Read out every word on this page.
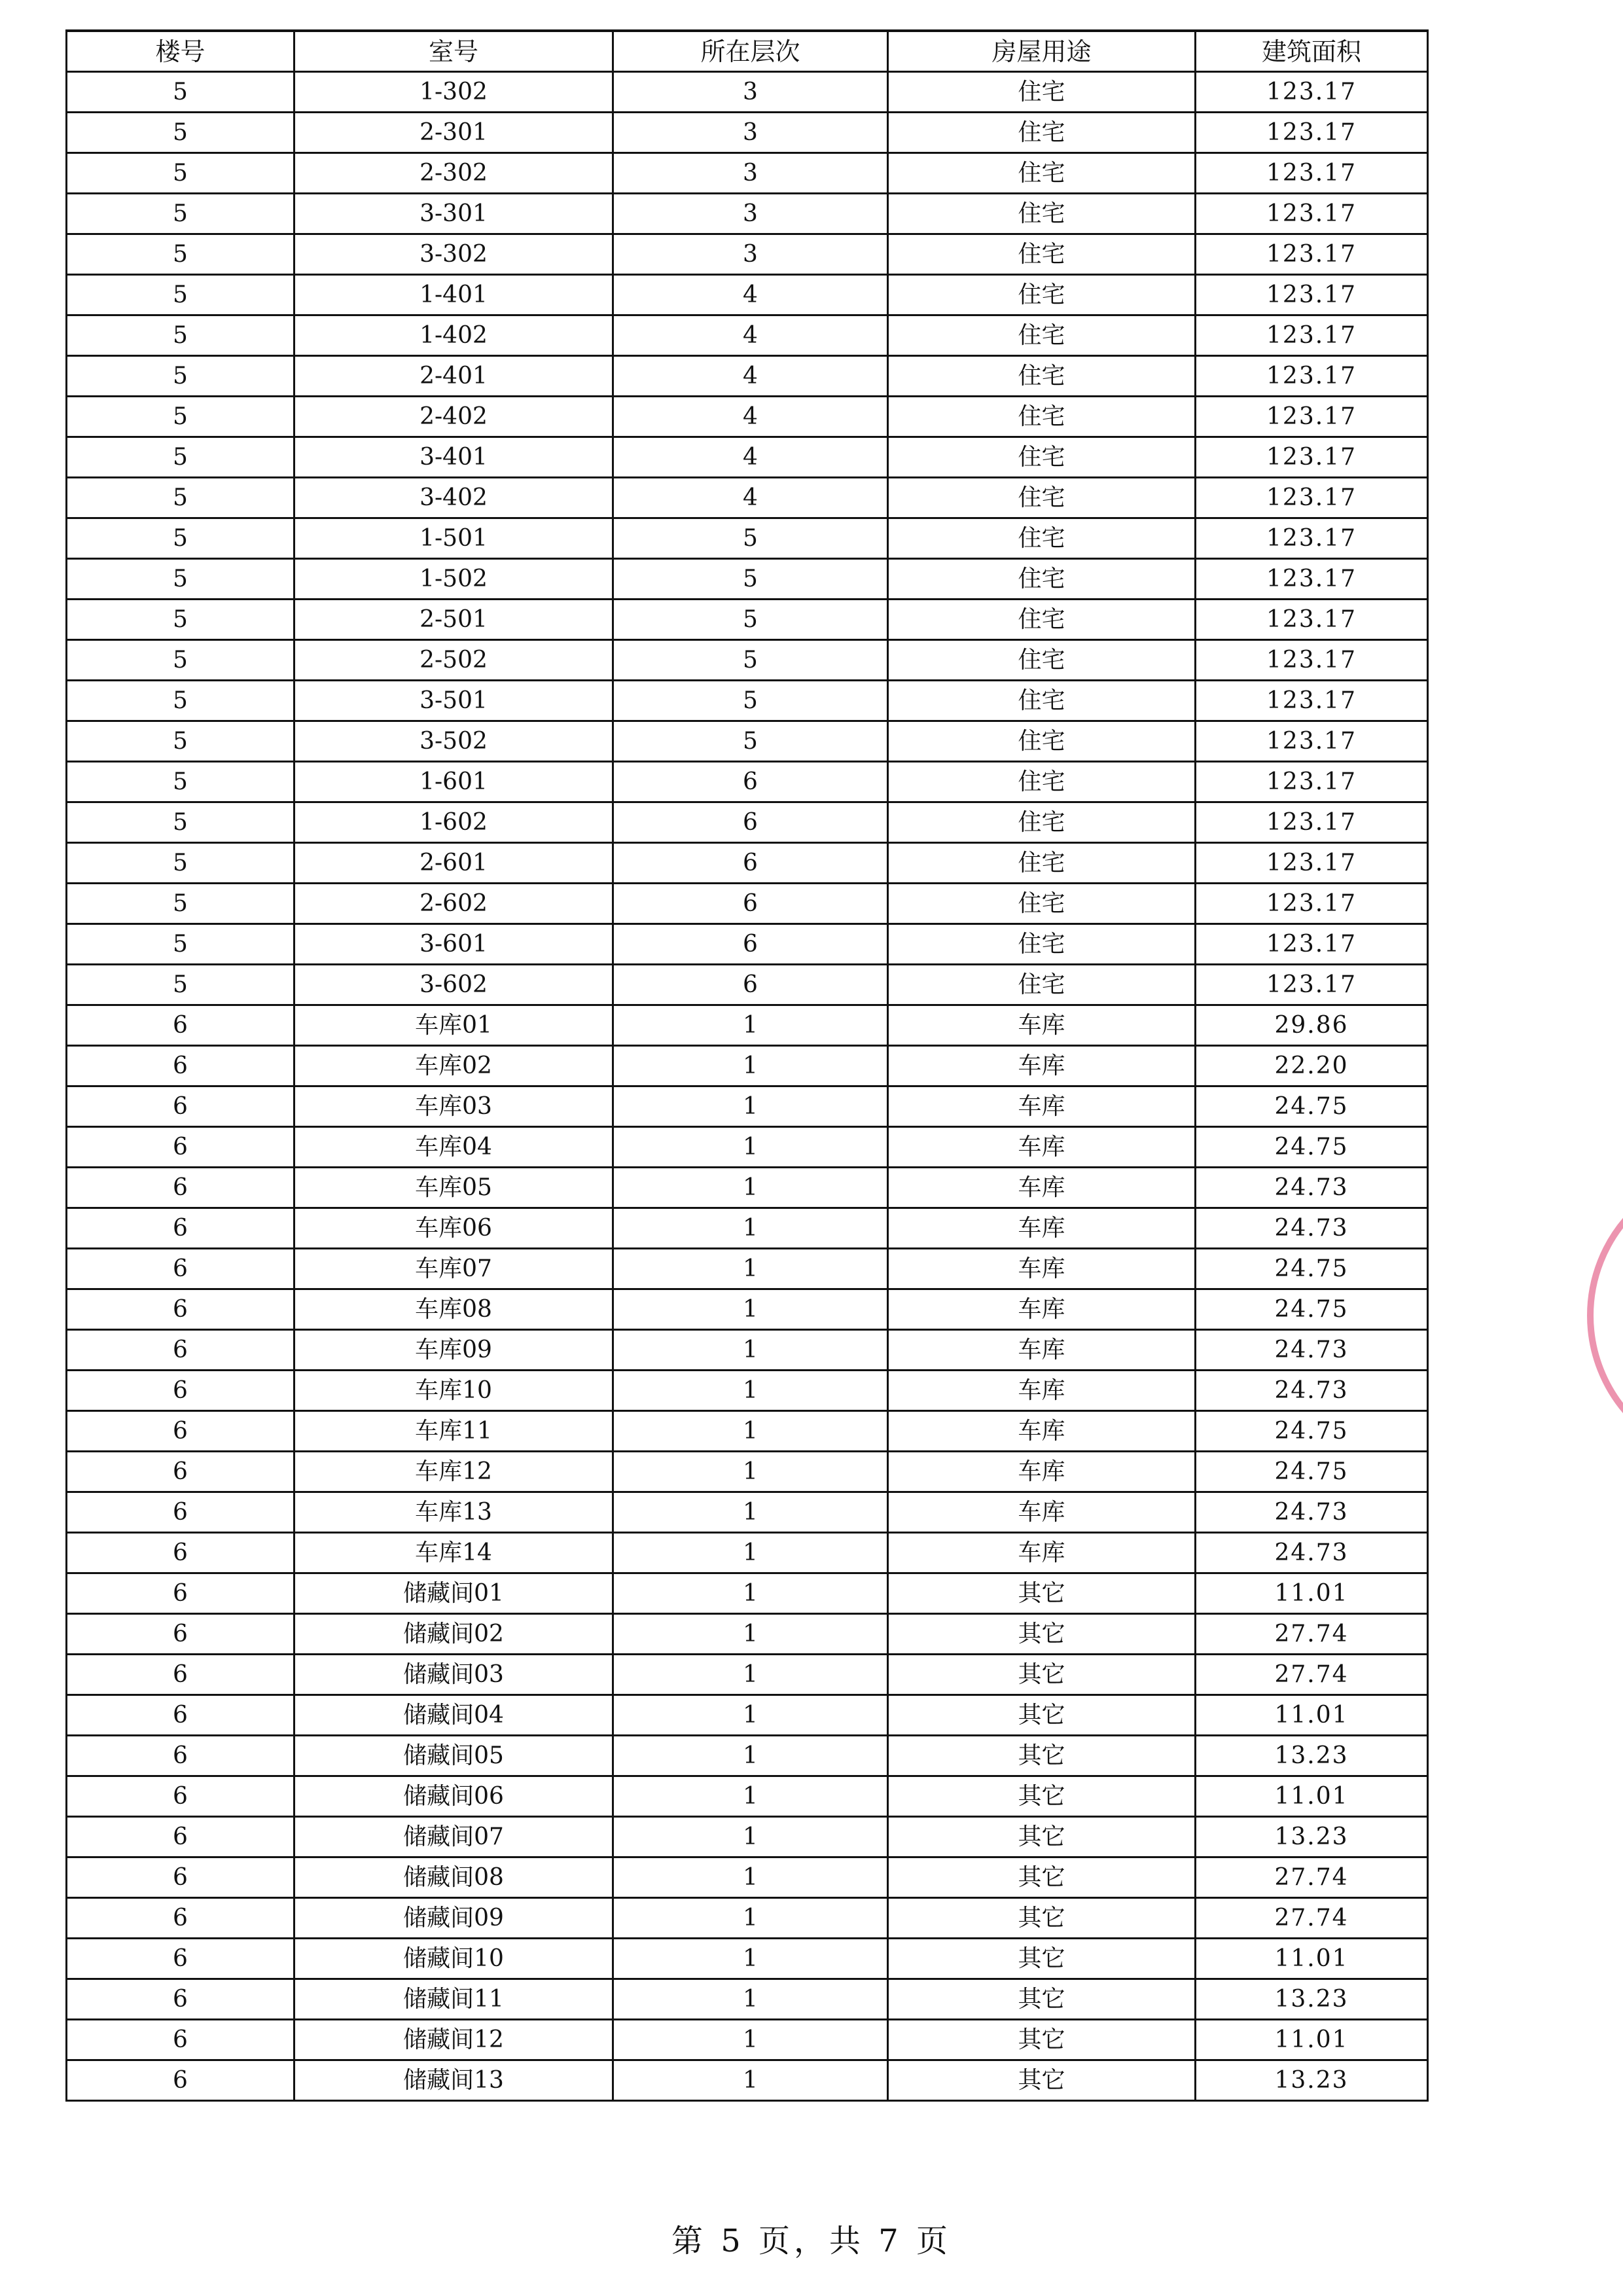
楼号	室号	所在层次	房屋用途	建筑面积
5	1-302	3	住宅	123.17
5	2-301	3	住宅	123.17
5	2-302	3	住宅	123.17
5	3-301	3	住宅	123.17
5	3-302	3	住宅	123.17
5	1-401	4	住宅	123.17
5	1-402	4	住宅	123.17
5	2-401	4	住宅	123.17
5	2-402	4	住宅	123.17
5	3-401	4	住宅	123.17
5	3-402	4	住宅	123.17
5	1-501	5	住宅	123.17
5	1-502	5	住宅	123.17
5	2-501	5	住宅	123.17
5	2-502	5	住宅	123.17
5	3-501	5	住宅	123.17
5	3-502	5	住宅	123.17
5	1-601	6	住宅	123.17
5	1-602	6	住宅	123.17
5	2-601	6	住宅	123.17
5	2-602	6	住宅	123.17
5	3-601	6	住宅	123.17
5	3-602	6	住宅	123.17
6	车库01	1	车库	29.86
6	车库02	1	车库	22.20
6	车库03	1	车库	24.75
6	车库04	1	车库	24.75
6	车库05	1	车库	24.73
6	车库06	1	车库	24.73
6	车库07	1	车库	24.75
6	车库08	1	车库	24.75
6	车库09	1	车库	24.73
6	车库10	1	车库	24.73
6	车库11	1	车库	24.75
6	车库12	1	车库	24.75
6	车库13	1	车库	24.73
6	车库14	1	车库	24.73
6	储藏间01	1	其它	11.01
6	储藏间02	1	其它	27.74
6	储藏间03	1	其它	27.74
6	储藏间04	1	其它	11.01
6	储藏间05	1	其它	13.23
6	储藏间06	1	其它	11.01
6	储藏间07	1	其它	13.23
6	储藏间08	1	其它	27.74
6	储藏间09	1	其它	27.74
6	储藏间10	1	其它	11.01
6	储藏间11	1	其它	13.23
6	储藏间12	1	其它	11.01
6	储藏间13	1	其它	13.23
第 5 页，共 7 页
